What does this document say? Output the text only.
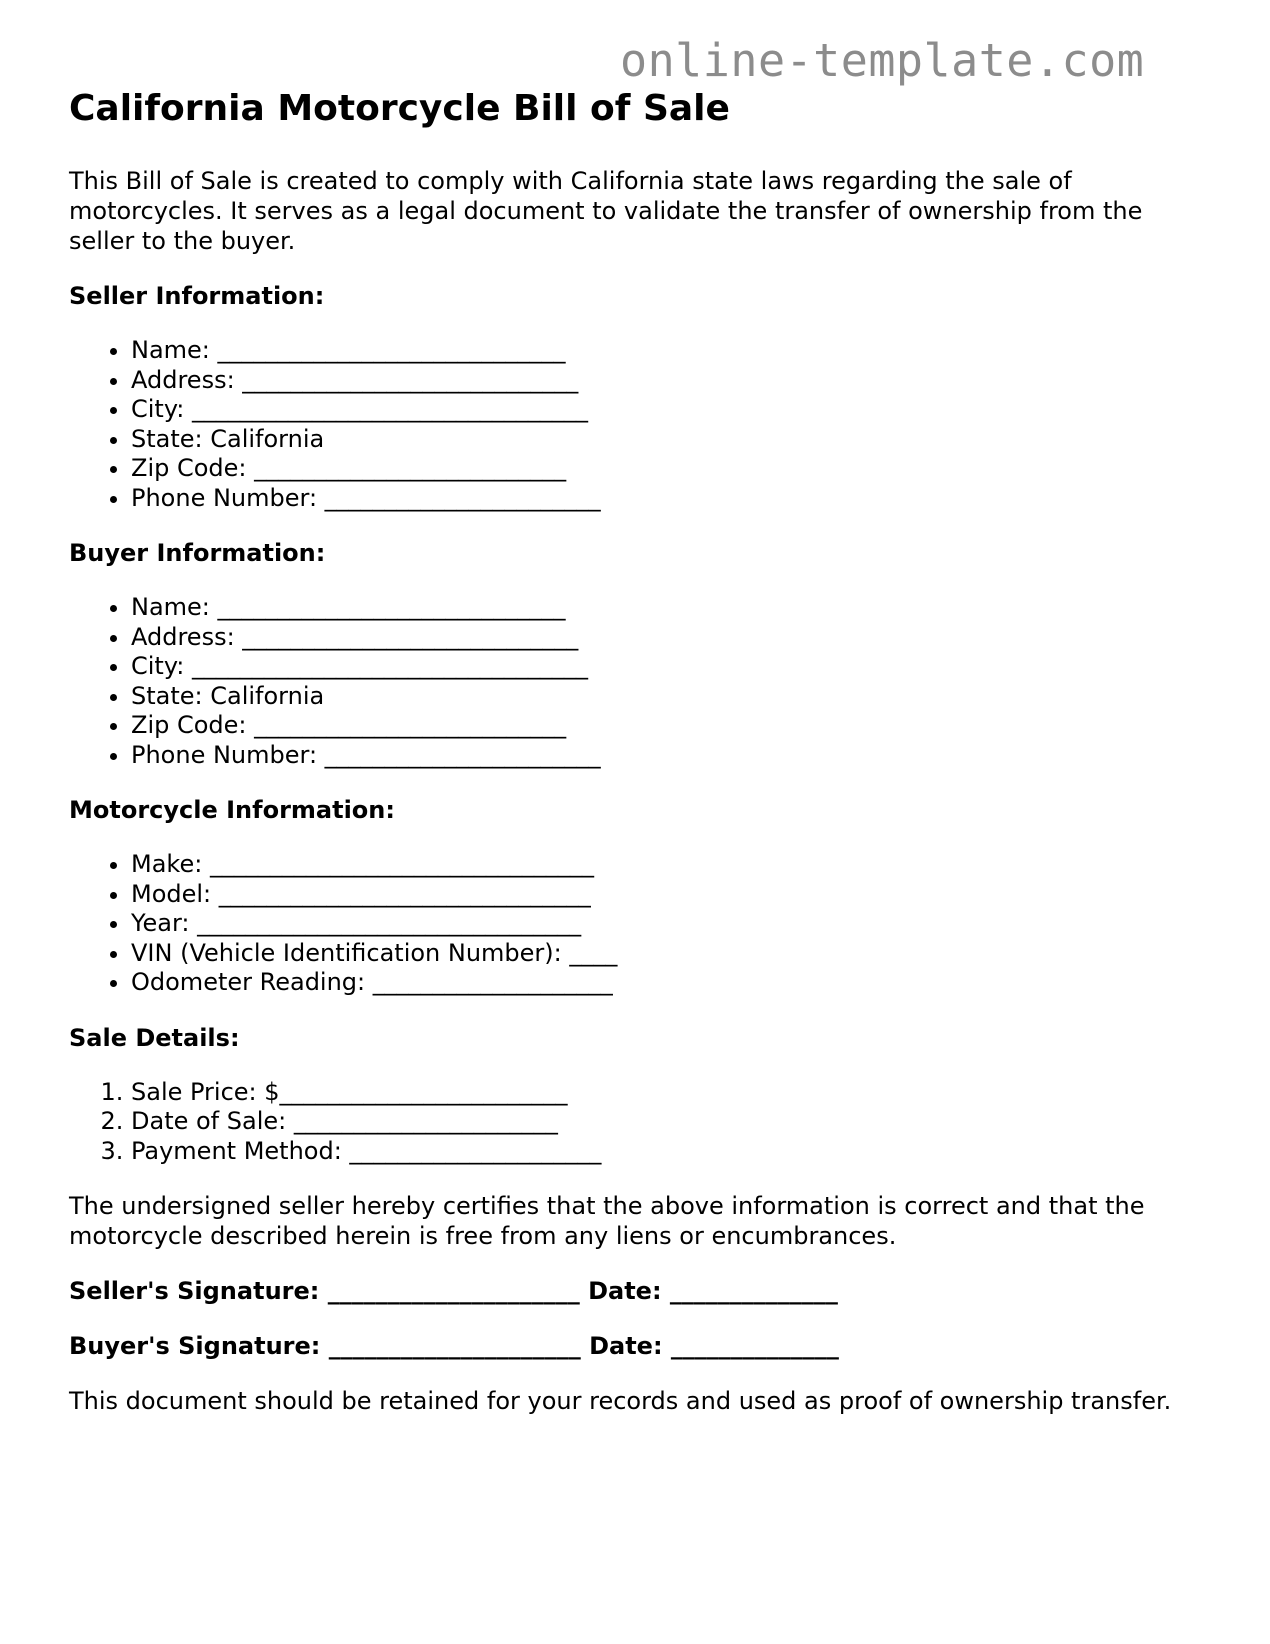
online-template.com
California Motorcycle Bill of Sale

This Bill of Sale is created to comply with California state laws regarding the sale of motorcycles. It serves as a legal document to validate the transfer of ownership from the seller to the buyer.

Seller Information:
• Name: _____________________________
• Address: ____________________________
• City: _________________________________
• State: California
• Zip Code: __________________________
• Phone Number: _______________________
Buyer Information:
• Name: _____________________________
• Address: ____________________________
• City: _________________________________
• State: California
• Zip Code: __________________________
• Phone Number: _______________________
Motorcycle Information:
• Make: ________________________________
• Model: _______________________________
• Year: ________________________________
• VIN (Vehicle Identification Number): ____
• Odometer Reading: ____________________
Sale Details:
1. Sale Price: $________________________
2. Date of Sale: ______________________
3. Payment Method: _____________________

The undersigned seller hereby certifies that the above information is correct and that the motorcycle described herein is free from any liens or encumbrances.

Seller's Signature: _____________________ Date: ______________
Buyer's Signature: _____________________ Date: ______________

This document should be retained for your records and used as proof of ownership transfer.
